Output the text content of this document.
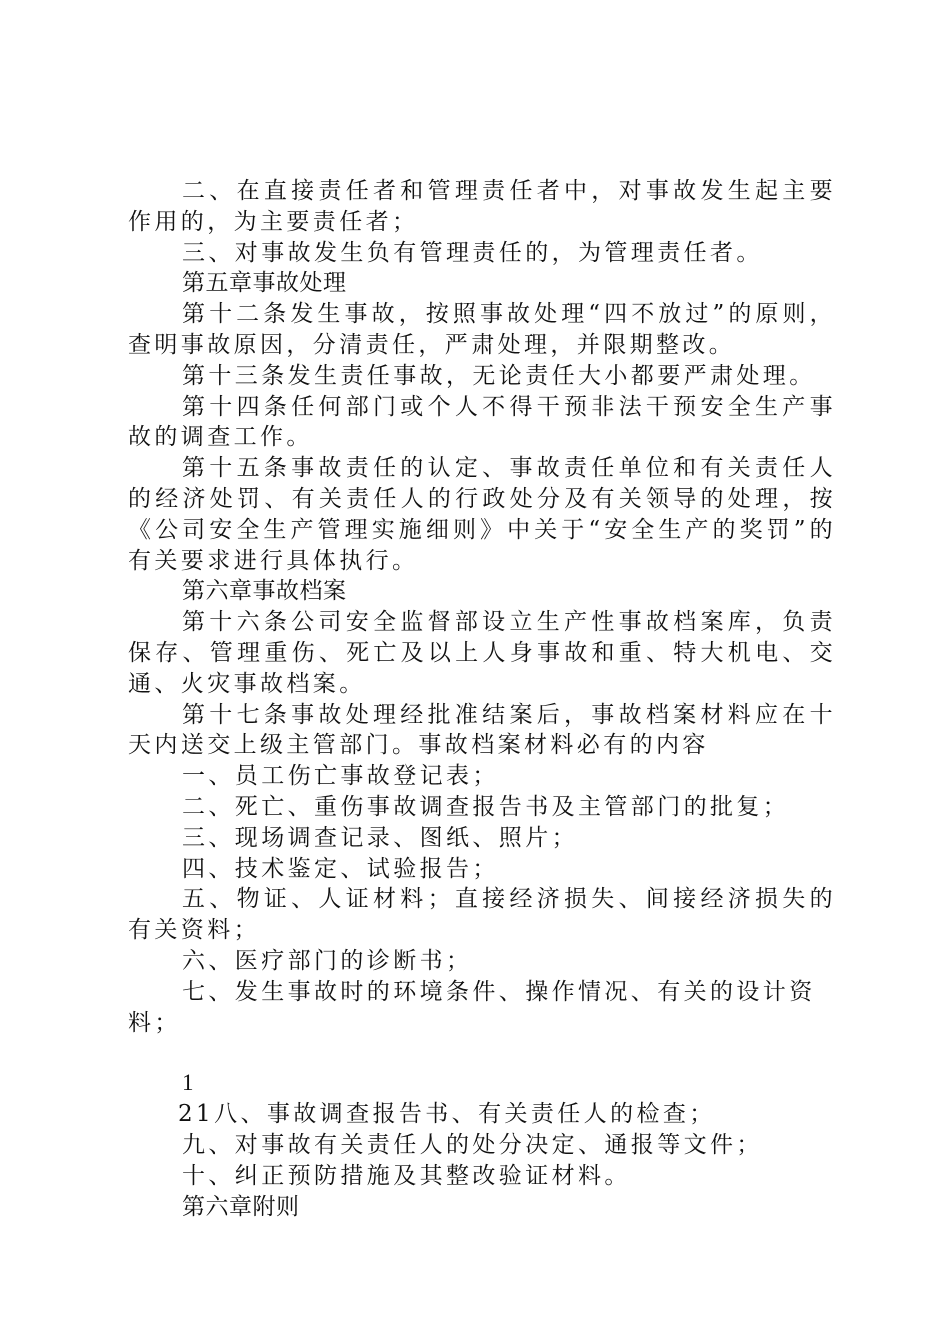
二、在直接责任者和管理责任者中，对事故发生起主要作用的，为主要责任者；

三、对事故发生负有管理责任的，为管理责任者。

第五章事故处理

第十二条发生事故，按照事故处理“四不放过”的原则，查明事故原因，分清责任，严肃处理，并限期整改。

第十三条发生责任事故，无论责任大小都要严肃处理。

第十四条任何部门或个人不得干预非法干预安全生产事故的调查工作。

第十五条事故责任的认定、事故责任单位和有关责任人的经济处罚、有关责任人的行政处分及有关领导的处理，按《公司安全生产管理实施细则》中关于“安全生产的奖罚”的有关要求进行具体执行。

第六章事故档案

第十六条公司安全监督部设立生产性事故档案库，负责保存、管理重伤、死亡及以上人身事故和重、特大机电、交通、火灾事故档案。

第十七条事故处理经批准结案后，事故档案材料应在十天内送交上级主管部门。事故档案材料必有的内容

一、员工伤亡事故登记表；

二、死亡、重伤事故调查报告书及主管部门的批复；

三、现场调查记录、图纸、照片；

四、技术鉴定、试验报告；

五、物证、人证材料；直接经济损失、间接经济损失的有关资料；

六、医疗部门的诊断书；

七、发生事故时的环境条件、操作情况、有关的设计资料；

1

21八、事故调查报告书、有关责任人的检查；

九、对事故有关责任人的处分决定、通报等文件；

十、纠正预防措施及其整改验证材料。

第六章附则
